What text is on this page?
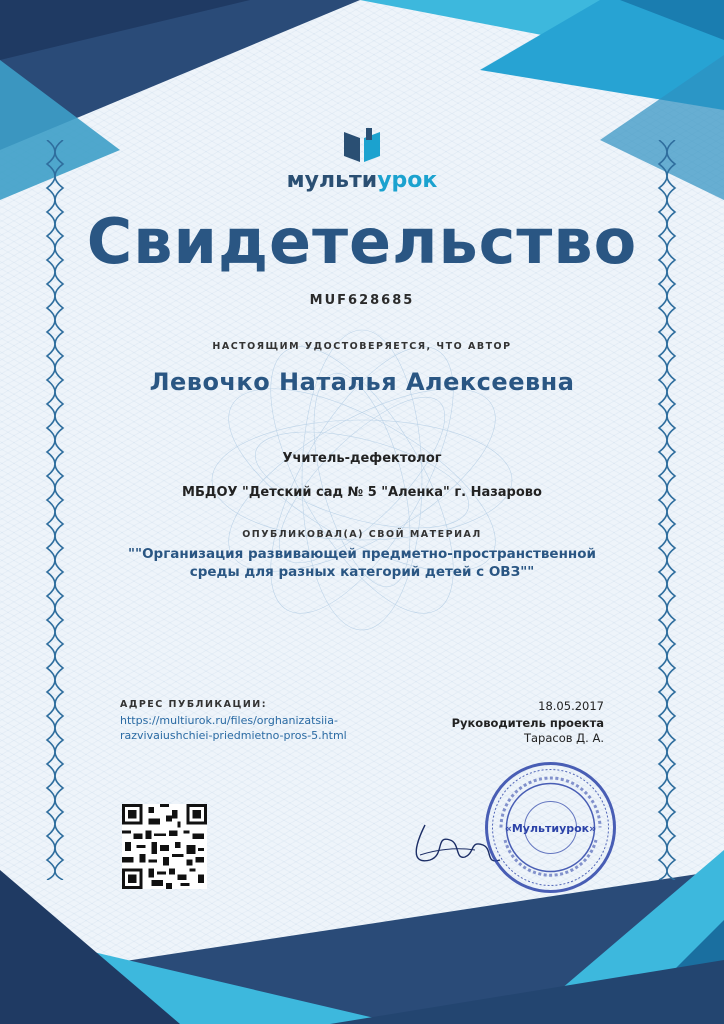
мультиурок
Свидетельство
MUF628685
НАСТОЯЩИМ УДОСТОВЕРЯЕТСЯ, ЧТО АВТОР
Левочко Наталья Алексеевна
Учитель-дефектолог
МБДОУ "Детский сад № 5 "Аленка" г. Назарово
ОПУБЛИКОВАЛ(А) СВОЙ МАТЕРИАЛ
""Организация развивающей предметно-пространственной
среды для разных категорий детей с ОВЗ""
АДРЕС ПУБЛИКАЦИИ:
https://multiurok.ru/files/orghanizatsiia-
razvivaiushchiei-priedmietno-pros-5.html
18.05.2017
Руководитель проекта
Тарасов Д. А.
«Мультиурок»
